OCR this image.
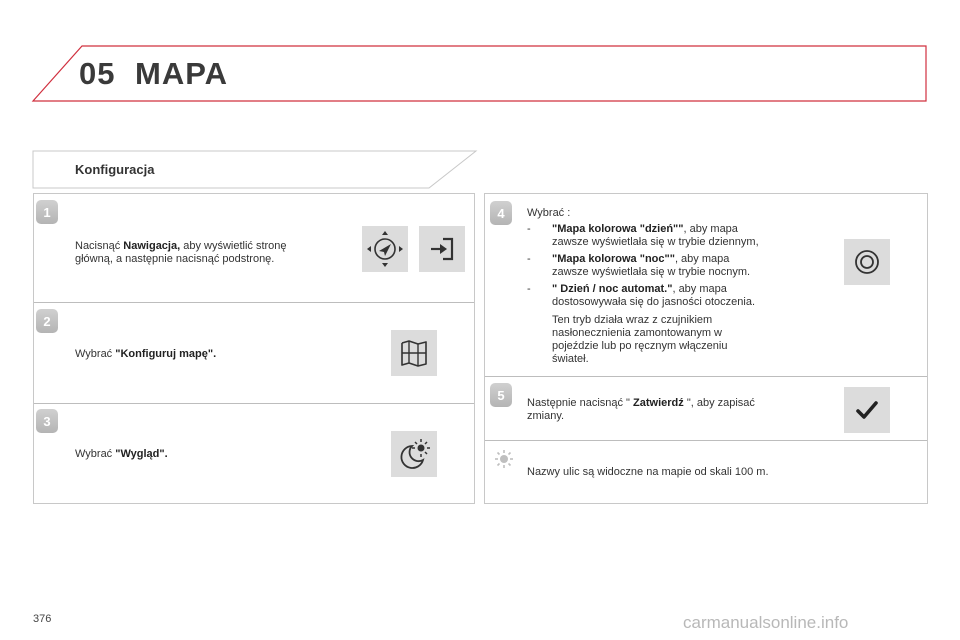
05 MAPA
Konfiguracja
1
Nacisnąć Nawigacja, aby wyświetlić stronę
główną, a następnie nacisnąć podstronę.
2
Wybrać "Konfiguruj mapę".
3
Wybrać "Wygląd".
4	Wybrać :
- "Mapa kolorowa "dzień"", aby mapa
zawsze wyświetlała się w trybie dziennym,
- "Mapa kolorowa "noc"", aby mapa
zawsze wyświetlała się w trybie nocnym.
- " Dzień / noc automat.", aby mapa
dostosowywała się do jasności otoczenia.
Ten tryb działa wraz z czujnikiem
nasłonecznienia zamontowanym w
pojeździe lub po ręcznym włączeniu
świateł.
5
Następnie nacisnąć " Zatwierdź ", aby zapisać
zmiany.
Nazwy ulic są widoczne na mapie od skali 100 m.
376	carmanualsonline.info
